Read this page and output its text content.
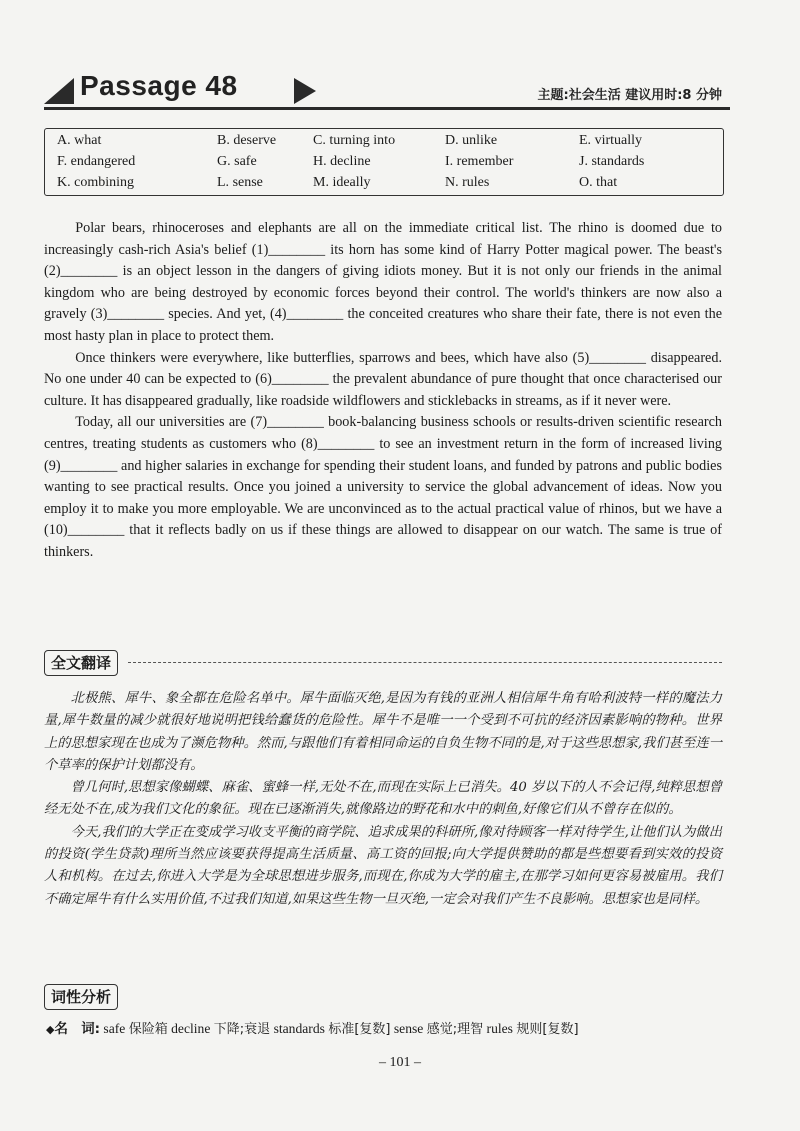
Passage 48	主题:社会生活 建议用时:8 分钟
A. what	B. deserve	C. turning into	D. unlike	E. virtually
F. endangered	G. safe	H. decline	I. remember	J. standards
K. combining	L. sense	M. ideally	N. rules	O. that

Polar bears, rhinoceroses and elephants are all on the immediate critical list. The rhino is doomed due to increasingly cash-rich Asia's belief (1)________ its horn has some kind of Harry Potter magical power. The beast's (2)________ is an object lesson in the dangers of giving idiots money. But it is not only our friends in the animal kingdom who are being destroyed by economic forces beyond their control. The world's thinkers are now also a gravely (3)________ species. And yet, (4)________ the conceited creatures who share their fate, there is not even the most hasty plan in place to protect them.

Once thinkers were everywhere, like butterflies, sparrows and bees, which have also (5)________ disappeared. No one under 40 can be expected to (6)________ the prevalent abundance of pure thought that once characterised our culture. It has disappeared gradually, like roadside wildflowers and sticklebacks in streams, as if it never were.

Today, all our universities are (7)________ book-balancing business schools or results-driven scientific research centres, treating students as customers who (8)________ to see an investment return in the form of increased living (9)________ and higher salaries in exchange for spending their student loans, and funded by patrons and public bodies wanting to see practical results. Once you joined a university to service the global advancement of ideas. Now you employ it to make you more employable. We are unconvinced as to the actual practical value of rhinos, but we have a (10)________ that it reflects badly on us if these things are allowed to disappear on our watch. The same is true of thinkers.

全文翻译

北极熊、犀牛、象全都在危险名单中。犀牛面临灭绝,是因为有钱的亚洲人相信犀牛角有哈利波特一样的魔法力量,犀牛数量的减少就很好地说明把钱给蠢货的危险性。犀牛不是唯一一个受到不可抗的经济因素影响的物种。世界上的思想家现在也成为了濒危物种。然而,与跟他们有着相同命运的自负生物不同的是,对于这些思想家,我们甚至连一个草率的保护计划都没有。

曾几何时,思想家像蝴蝶、麻雀、蜜蜂一样,无处不在,而现在实际上已消失。40 岁以下的人不会记得,纯粹思想曾经无处不在,成为我们文化的象征。现在已逐渐消失,就像路边的野花和水中的刺鱼,好像它们从不曾存在似的。

今天,我们的大学正在变成学习收支平衡的商学院、追求成果的科研所,像对待顾客一样对待学生,让他们认为做出的投资(学生贷款)理所当然应该要获得提高生活质量、高工资的回报;向大学提供赞助的都是些想要看到实效的投资人和机构。在过去,你进入大学是为全球思想进步服务,而现在,你成为大学的雇主,在那学习如何更容易被雇用。我们不确定犀牛有什么实用价值,不过我们知道,如果这些生物一旦灭绝,一定会对我们产生不良影响。思想家也是同样。

词性分析
◆名　词: safe 保险箱 decline 下降;衰退 standards 标准[复数] sense 感觉;理智 rules 规则[复数]
– 101 –
